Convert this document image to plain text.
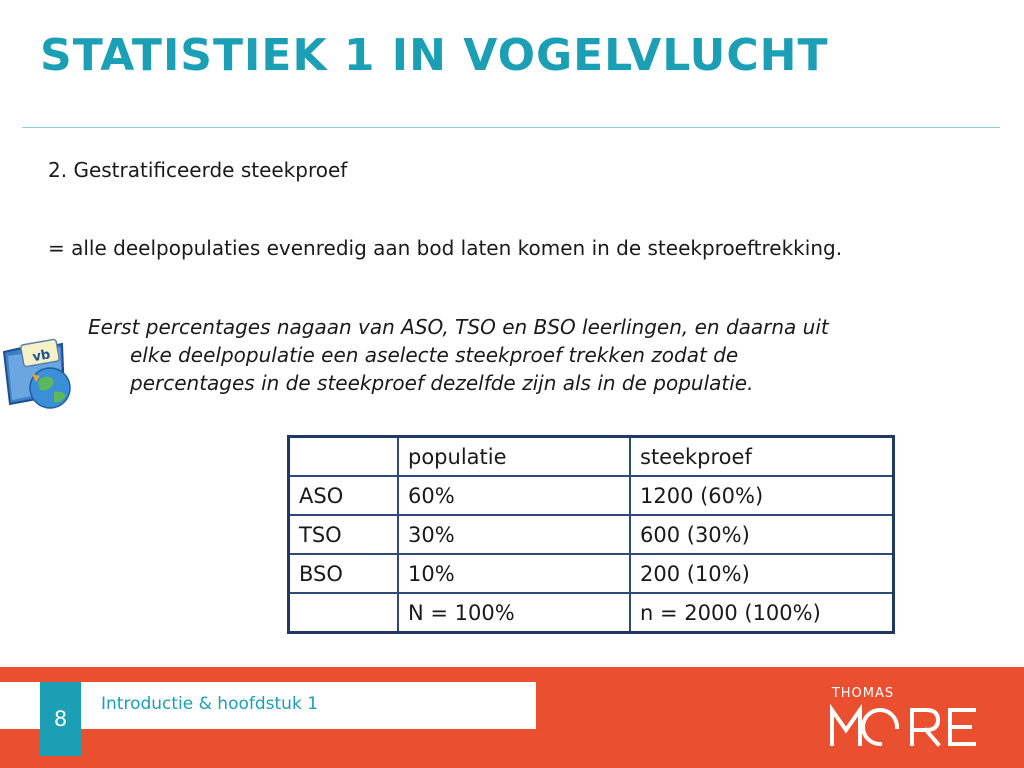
STATISTIEK 1 IN VOGELVLUCHT
2. Gestratificeerde steekproef
= alle deelpopulaties evenredig aan bod laten komen in de steekproeftrekking.
vb
Eerst percentages nagaan van ASO, TSO en BSO leerlingen, en daarna uit
elke deelpopulatie een aselecte steekproef trekken zodat de
percentages in de steekproef dezelfde zijn als in de populatie.
	populatie	steekproef
ASO	60%	1200 (60%)
TSO	30%	600 (30%)
BSO	10%	200 (10%)
	N = 100%	n = 2000 (100%)
Introductie & hoofdstuk 1
8
THOMAS
